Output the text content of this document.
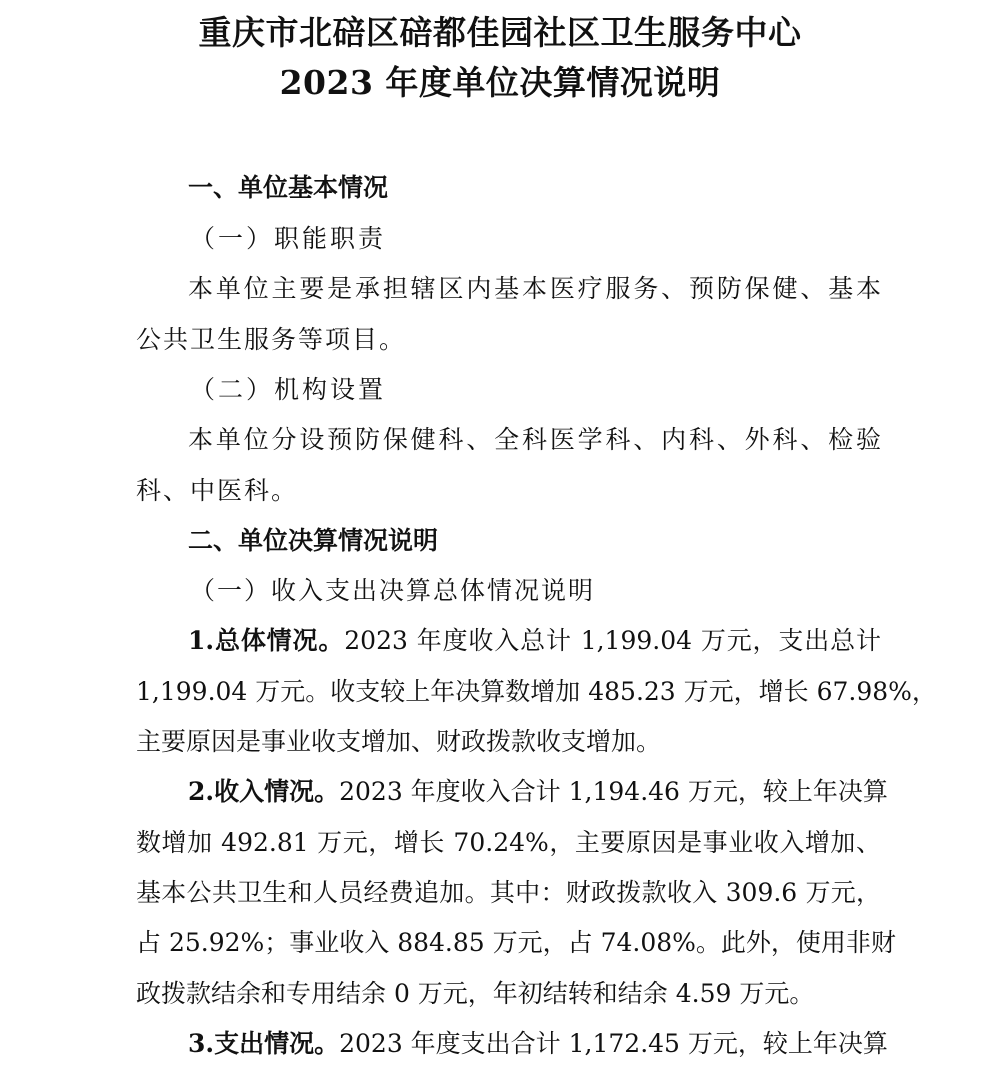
重庆市北碚区碚都佳园社区卫生服务中心
2023 年度单位决算情况说明

一、单位基本情况

（一）职能职责

本单位主要是承担辖区内基本医疗服务、预防保健、基本

公共卫生服务等项目。

（二）机构设置

本单位分设预防保健科、全科医学科、内科、外科、检验

科、中医科。

二、单位决算情况说明

（一）收入支出决算总体情况说明

1.总体情况。2023 年度收入总计 1,199.04 万元，支出总计

1,199.04 万元。收支较上年决算数增加 485.23 万元，增长 67.98%，

主要原因是事业收支增加、财政拨款收支增加。

2.收入情况。2023 年度收入合计 1,194.46 万元，较上年决算

数增加 492.81 万元，增长 70.24%，主要原因是事业收入增加、

基本公共卫生和人员经费追加。其中：财政拨款收入 309.6 万元，

占 25.92%；事业收入 884.85 万元，占 74.08%。此外，使用非财

政拨款结余和专用结余 0 万元，年初结转和结余 4.59 万元。

3.支出情况。2023 年度支出合计 1,172.45 万元，较上年决算
